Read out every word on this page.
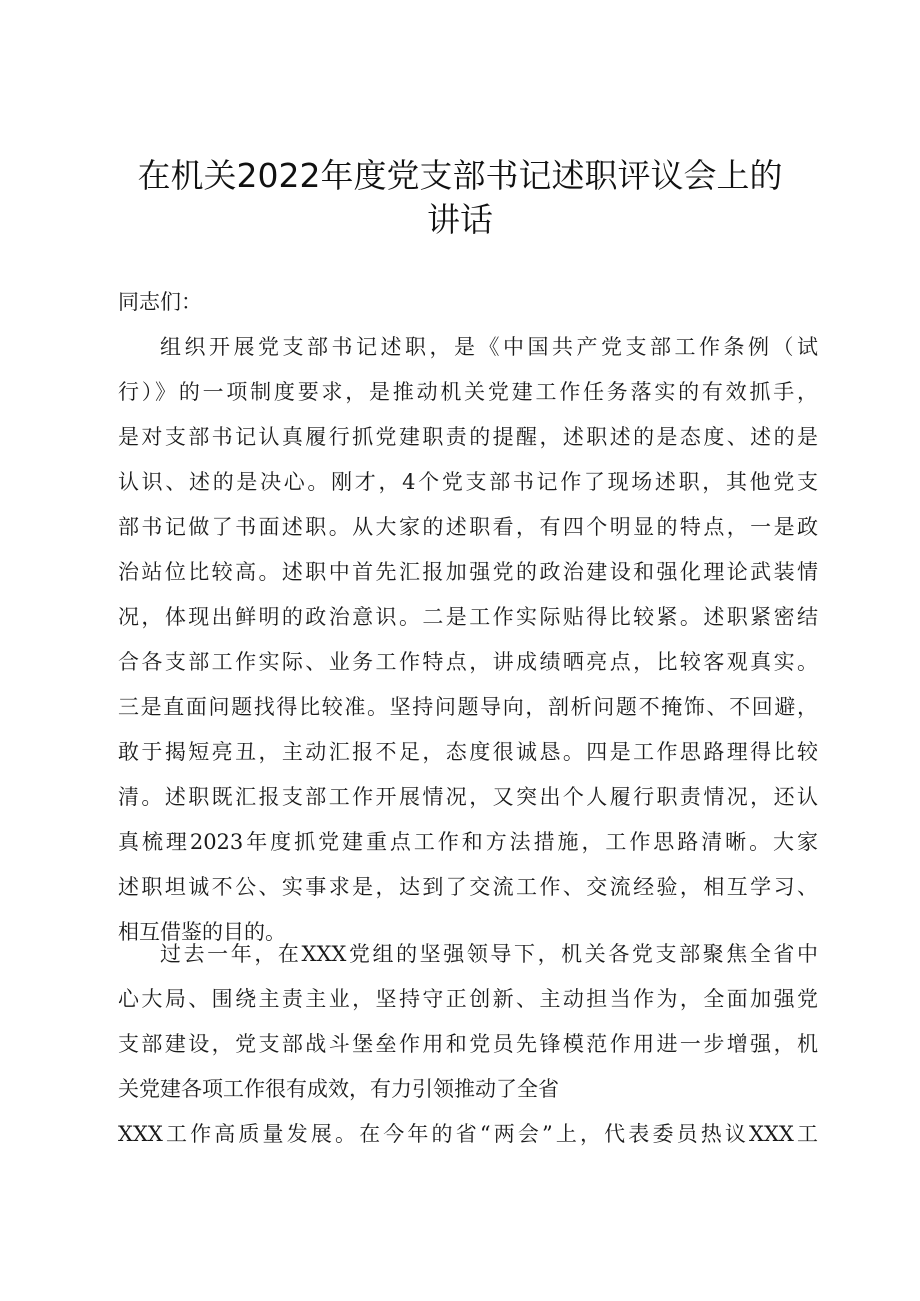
在机关2022年度党支部书记述职评议会上的
讲话

同志们：

组织开展党支部书记述职，是《中国共产党支部工作条例（试
行）》的一项制度要求，是推动机关党建工作任务落实的有效抓手，
是对支部书记认真履行抓党建职责的提醒，述职述的是态度、述的是
认识、述的是决心。刚才，4个党支部书记作了现场述职，其他党支
部书记做了书面述职。从大家的述职看，有四个明显的特点，一是政
治站位比较高。述职中首先汇报加强党的政治建设和强化理论武装情
况，体现出鲜明的政治意识。二是工作实际贴得比较紧。述职紧密结
合各支部工作实际、业务工作特点，讲成绩晒亮点，比较客观真实。
三是直面问题找得比较准。坚持问题导向，剖析问题不掩饰、不回避，
敢于揭短亮丑，主动汇报不足，态度很诚恳。四是工作思路理得比较
清。述职既汇报支部工作开展情况，又突出个人履行职责情况，还认
真梳理2023年度抓党建重点工作和方法措施，工作思路清晰。大家
述职坦诚不公、实事求是，达到了交流工作、交流经验，相互学习、
相互借鉴的目的。
过去一年，在XXX党组的坚强领导下，机关各党支部聚焦全省中
心大局、围绕主责主业，坚持守正创新、主动担当作为，全面加强党
支部建设，党支部战斗堡垒作用和党员先锋模范作用进一步增强，机
关党建各项工作很有成效，有力引领推动了全省
XXX工作高质量发展。在今年的省“两会”上，代表委员热议XXX工
